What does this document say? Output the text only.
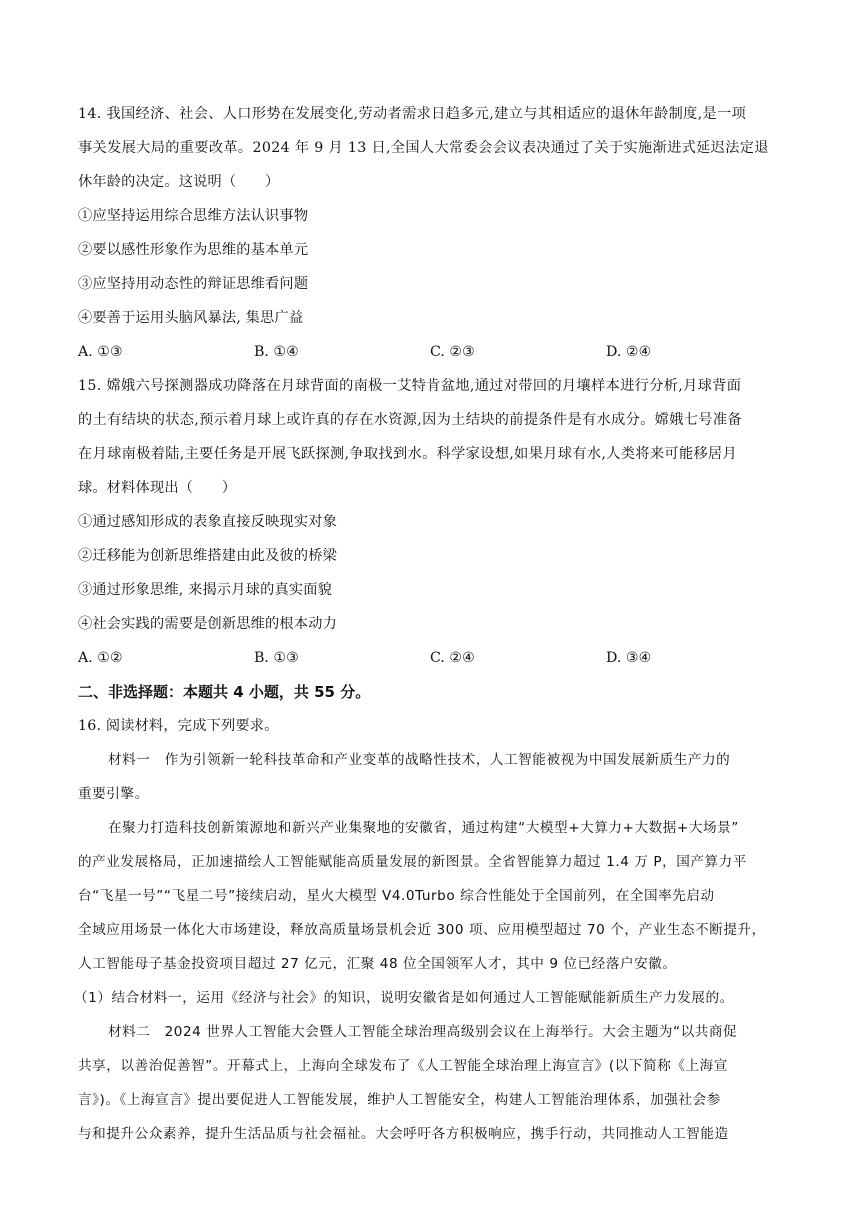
14. 我国经济、社会、人口形势在发展变化,劳动者需求日趋多元,建立与其相适应的退休年龄制度,是一项
事关发展大局的重要改革。2024 年 9 月 13 日,全国人大常委会会议表决通过了关于实施渐进式延迟法定退
休年龄的决定。这说明（　　）
①应坚持运用综合思维方法认识事物
②要以感性形象作为思维的基本单元
③应坚持用动态性的辩证思维看问题
④要善于运用头脑风暴法, 集思广益
A. ①③	B. ①④	C. ②③	D. ②④
15. 嫦娥六号探测器成功降落在月球背面的南极一艾特肯盆地,通过对带回的月壤样本进行分析,月球背面
的土有结块的状态,预示着月球上或许真的存在水资源,因为土结块的前提条件是有水成分。嫦娥七号准备
在月球南极着陆,主要任务是开展飞跃探测,争取找到水。科学家设想,如果月球有水,人类将来可能移居月
球。材料体现出（　　）
①通过感知形成的表象直接反映现实对象
②迁移能为创新思维搭建由此及彼的桥梁
③通过形象思维, 来揭示月球的真实面貌
④社会实践的需要是创新思维的根本动力
A. ①②	B. ①③	C. ②④	D. ③④
二、非选择题：本题共 4 小题，共 55 分。
16. 阅读材料，完成下列要求。
材料一　作为引领新一轮科技革命和产业变革的战略性技术，人工智能被视为中国发展新质生产力的
重要引擎。
在聚力打造科技创新策源地和新兴产业集聚地的安徽省，通过构建“大模型+大算力+大数据+大场景”
的产业发展格局，正加速描绘人工智能赋能高质量发展的新图景。全省智能算力超过 1.4 万 P，国产算力平
台“飞星一号”“飞星二号”接续启动，星火大模型 V4.0Turbo 综合性能处于全国前列，在全国率先启动
全域应用场景一体化大市场建设，释放高质量场景机会近 300 项、应用模型超过 70 个，产业生态不断提升，
人工智能母子基金投资项目超过 27 亿元，汇聚 48 位全国领军人才，其中 9 位已经落户安徽。
（1）结合材料一，运用《经济与社会》的知识，说明安徽省是如何通过人工智能赋能新质生产力发展的。
材料二　2024 世界人工智能大会暨人工智能全球治理高级别会议在上海举行。大会主题为“以共商促
共享，以善治促善智”。开幕式上，上海向全球发布了《人工智能全球治理上海宣言》(以下简称《上海宣
言》)。《上海宣言》提出要促进人工智能发展，维护人工智能安全，构建人工智能治理体系，加强社会参
与和提升公众素养，提升生活品质与社会福祉。大会呼吁各方积极响应，携手行动，共同推动人工智能造
